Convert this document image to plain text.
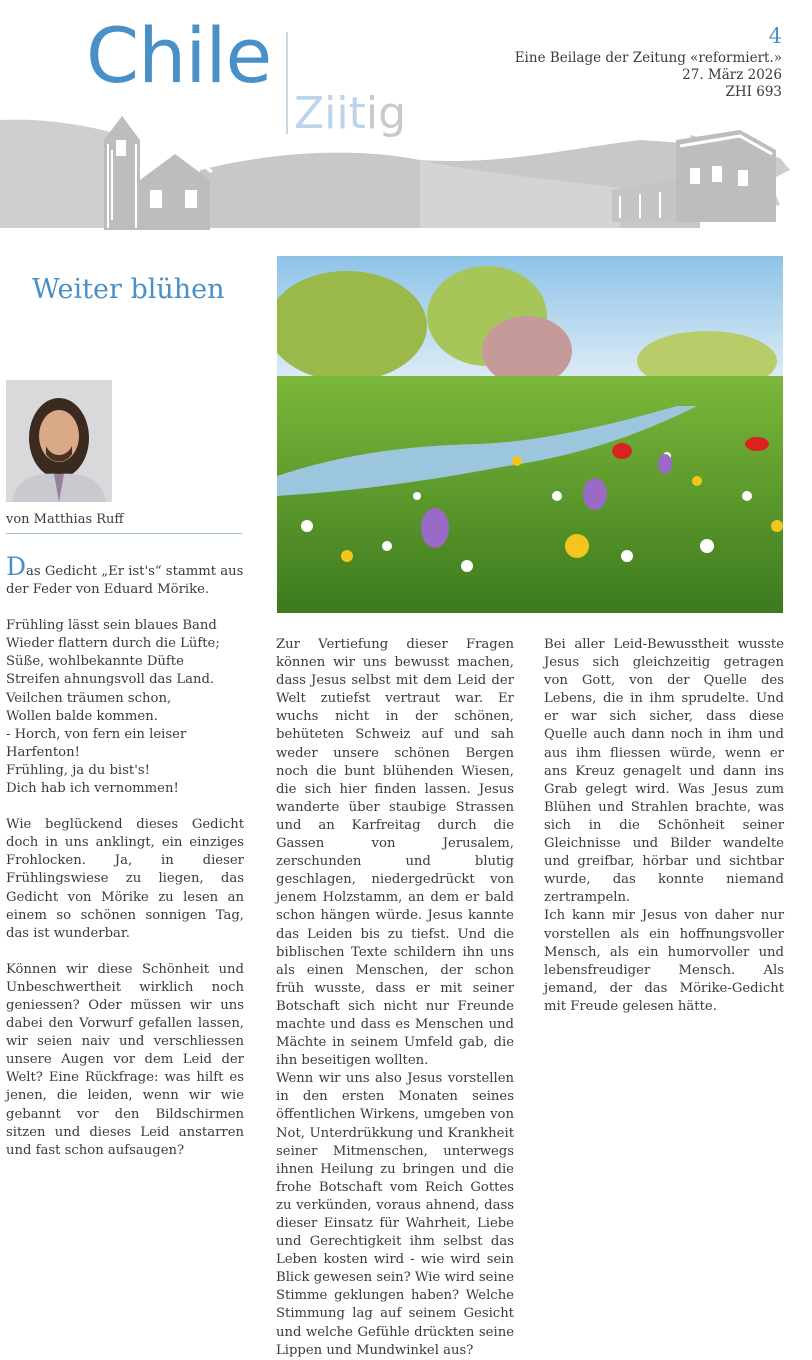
Chile
Ziitig
4
Eine Beilage der Zeitung «reformiert.»
27. März 2026
ZHI 693
Weiter blühen
von Matthias Ruff

Das Gedicht „Er ist's“ stammt aus der Feder von Eduard Mörike.

Frühling lässt sein blaues Band

Wieder flattern durch die Lüfte;

Süße, wohlbekannte Düfte

Streifen ahnungsvoll das Land.

Veilchen träumen schon,

Wollen balde kommen.

- Horch, von fern ein leiser Harfenton!

Frühling, ja du bist's!

Dich hab ich vernommen!

Wie beglückend dieses Gedicht doch in uns anklingt, ein einziges Frohlocken. Ja, in dieser Frühlingswiese zu liegen, das Gedicht von Mörike zu lesen an einem so schönen sonnigen Tag, das ist wunderbar.

Können wir diese Schönheit und Unbeschwertheit wirklich noch geniessen? Oder müssen wir uns dabei den Vorwurf gefallen lassen, wir seien naiv und verschliessen unsere Augen vor dem Leid der Welt? Eine Rückfrage: was hilft es jenen, die leiden, wenn wir wie gebannt vor den Bildschirmen sitzen und dieses Leid anstarren und fast schon aufsaugen?

Zur Vertiefung dieser Fragen können wir uns bewusst machen, dass Jesus selbst mit dem Leid der Welt zutiefst vertraut war. Er wuchs nicht in der schönen, behüteten Schweiz auf und sah weder unsere schönen Bergen noch die bunt blühenden Wiesen, die sich hier finden lassen. Jesus wanderte über staubige Strassen und an Karfreitag durch die Gassen von Jerusalem, zerschunden und blutig geschlagen, niedergedrückt von jenem Holzstamm, an dem er bald schon hängen würde. Jesus kannte das Leiden bis zu tiefst. Und die biblischen Texte schildern ihn uns als einen Menschen, der schon früh wusste, dass er mit seiner Botschaft sich nicht nur Freunde machte und dass es Menschen und Mächte in seinem Umfeld gab, die ihn beseitigen wollten.

Wenn wir uns also Jesus vorstellen in den ersten Monaten seines öffentlichen Wirkens, umgeben von Not, Unterdrükkung und Krankheit seiner Mitmenschen, unterwegs ihnen Heilung zu bringen und die frohe Botschaft vom Reich Gottes zu verkünden, voraus ahnend, dass dieser Einsatz für Wahrheit, Liebe und Gerechtigkeit ihm selbst das Leben kosten wird - wie wird sein Blick gewesen sein? Wie wird seine Stimme geklungen haben? Welche Stimmung lag auf seinem Gesicht und welche Gefühle drückten seine Lippen und Mundwinkel aus?

Bei aller Leid-Bewusstheit wusste Jesus sich gleichzeitig getragen von Gott, von der Quelle des Lebens, die in ihm sprudelte. Und er war sich sicher, dass diese Quelle auch dann noch in ihm und aus ihm fliessen würde, wenn er ans Kreuz genagelt und dann ins Grab gelegt wird. Was Jesus zum Blühen und Strahlen brachte, was sich in die Schönheit seiner Gleichnisse und Bilder wandelte und greifbar, hörbar und sichtbar wurde, das konnte niemand zertrampeln.

Ich kann mir Jesus von daher nur vorstellen als ein hoffnungsvoller Mensch, als ein humorvoller und lebensfreudiger Mensch. Als jemand, der das Mörike-Gedicht mit Freude gelesen hätte.
